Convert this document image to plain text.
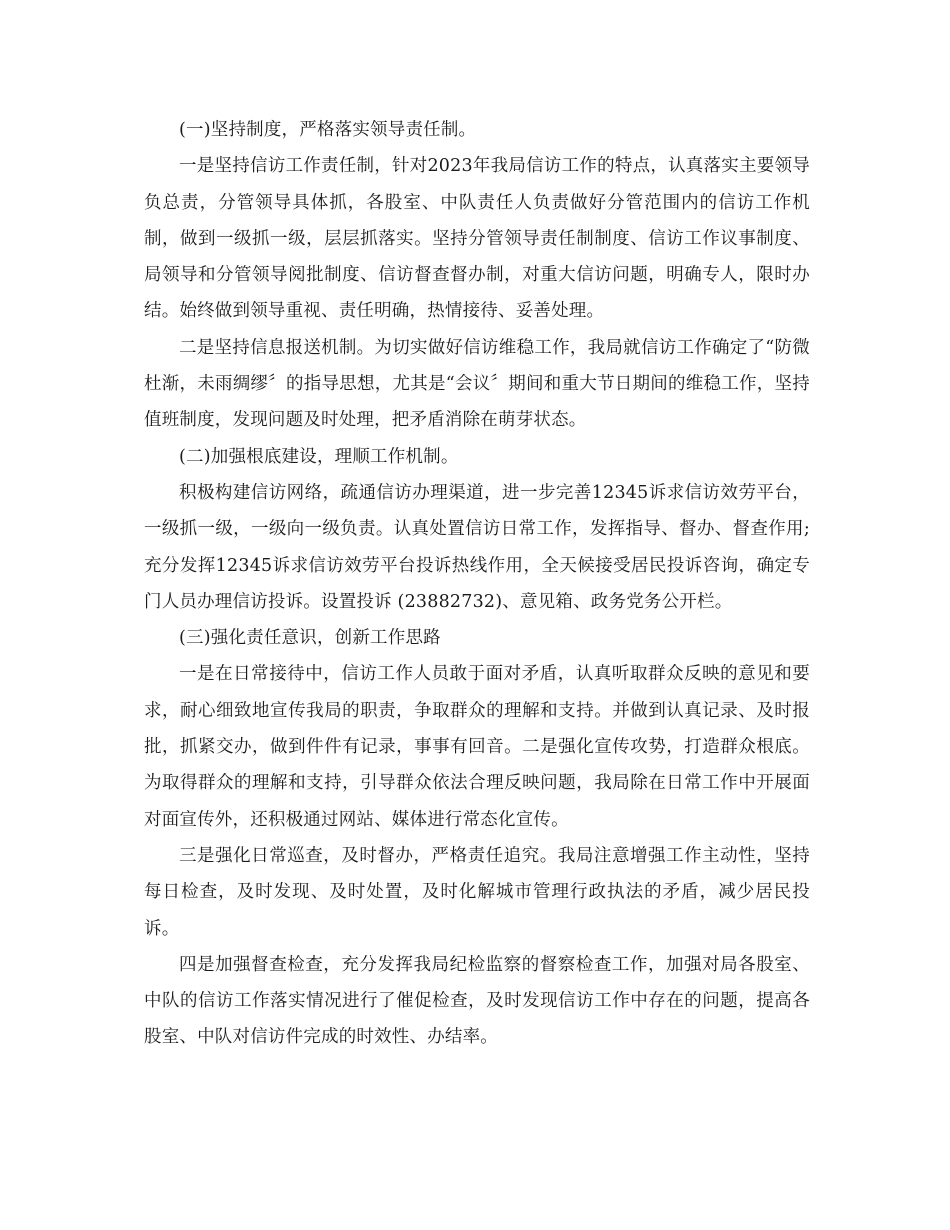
(一)坚持制度，严格落实领导责任制。

一是坚持信访工作责任制，针对2023年我局信访工作的特点，认真落实主要领导负总责，分管领导具体抓，各股室、中队责任人负责做好分管范围内的信访工作机制，做到一级抓一级，层层抓落实。坚持分管领导责任制制度、信访工作议事制度、局领导和分管领导阅批制度、信访督查督办制，对重大信访问题，明确专人，限时办结。始终做到领导重视、责任明确，热情接待、妥善处理。

二是坚持信息报送机制。为切实做好信访维稳工作，我局就信访工作确定了“防微杜渐，未雨绸缪〞的指导思想，尤其是“会议〞期间和重大节日期间的维稳工作，坚持值班制度，发现问题及时处理，把矛盾消除在萌芽状态。

(二)加强根底建设，理顺工作机制。

积极构建信访网络，疏通信访办理渠道，进一步完善12345诉求信访效劳平台，一级抓一级，一级向一级负责。认真处置信访日常工作，发挥指导、督办、督查作用;充分发挥12345诉求信访效劳平台投诉热线作用，全天候接受居民投诉咨询，确定专门人员办理信访投诉。设置投诉 (23882732)、意见箱、政务党务公开栏。

(三)强化责任意识，创新工作思路

一是在日常接待中，信访工作人员敢于面对矛盾，认真听取群众反映的意见和要求，耐心细致地宣传我局的职责，争取群众的理解和支持。并做到认真记录、及时报批，抓紧交办，做到件件有记录，事事有回音。二是强化宣传攻势，打造群众根底。为取得群众的理解和支持，引导群众依法合理反映问题，我局除在日常工作中开展面对面宣传外，还积极通过网站、媒体进行常态化宣传。

三是强化日常巡查，及时督办，严格责任追究。我局注意增强工作主动性，坚持每日检查，及时发现、及时处置，及时化解城市管理行政执法的矛盾，减少居民投诉。

四是加强督查检查，充分发挥我局纪检监察的督察检查工作，加强对局各股室、中队的信访工作落实情况进行了催促检查，及时发现信访工作中存在的问题，提高各股室、中队对信访件完成的时效性、办结率。
